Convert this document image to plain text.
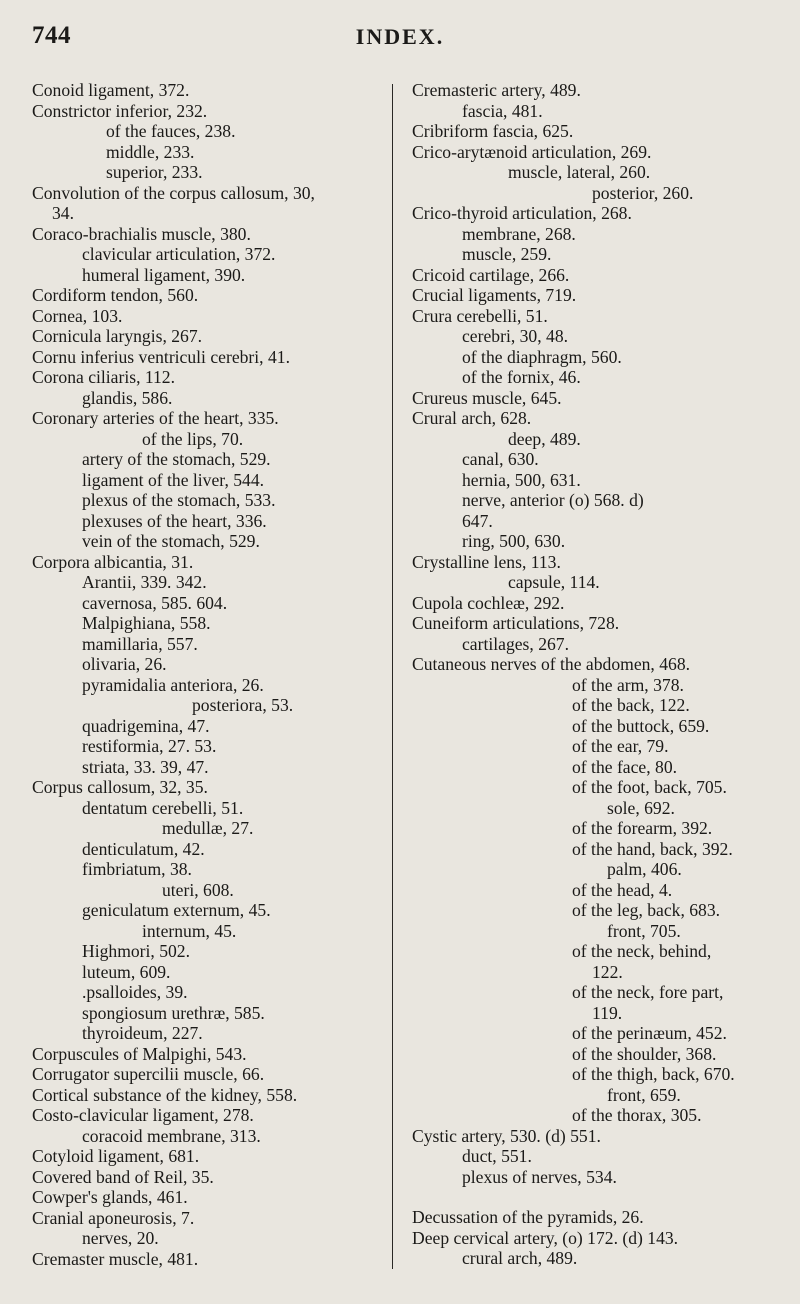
744	INDEX.
Conoid ligament, 372.
Constrictor inferior, 232.
of the fauces, 238.
middle, 233.
superior, 233.
Convolution of the corpus callosum, 30,
34.
Coraco-brachialis muscle, 380.
clavicular articulation, 372.
humeral ligament, 390.
Cordiform tendon, 560.
Cornea, 103.
Cornicula laryngis, 267.
Cornu inferius ventriculi cerebri, 41.
Corona ciliaris, 112.
glandis, 586.
Coronary arteries of the heart, 335.
of the lips, 70.
artery of the stomach, 529.
ligament of the liver, 544.
plexus of the stomach, 533.
plexuses of the heart, 336.
vein of the stomach, 529.
Corpora albicantia, 31.
Arantii, 339. 342.
cavernosa, 585. 604.
Malpighiana, 558.
mamillaria, 557.
olivaria, 26.
pyramidalia anteriora, 26.
posteriora, 53.
quadrigemina, 47.
restiformia, 27. 53.
striata, 33. 39, 47.
Corpus callosum, 32, 35.
dentatum cerebelli, 51.
medullæ, 27.
denticulatum, 42.
fimbriatum, 38.
uteri, 608.
geniculatum externum, 45.
internum, 45.
Highmori, 502.
luteum, 609.
.psalloides, 39.
spongiosum urethræ, 585.
thyroideum, 227.
Corpuscules of Malpighi, 543.
Corrugator supercilii muscle, 66.
Cortical substance of the kidney, 558.
Costo-clavicular ligament, 278.
coracoid membrane, 313.
Cotyloid ligament, 681.
Covered band of Reil, 35.
Cowper's glands, 461.
Cranial aponeurosis, 7.
nerves, 20.
Cremaster muscle, 481.
Cremasteric artery, 489.
fascia, 481.
Cribriform fascia, 625.
Crico-arytænoid articulation, 269.
muscle, lateral, 260.
posterior, 260.
Crico-thyroid articulation, 268.
membrane, 268.
muscle, 259.
Cricoid cartilage, 266.
Crucial ligaments, 719.
Crura cerebelli, 51.
cerebri, 30, 48.
of the diaphragm, 560.
of the fornix, 46.
Crureus muscle, 645.
Crural arch, 628.
deep, 489.
canal, 630.
hernia, 500, 631.
nerve, anterior (o) 568. d)
647.
ring, 500, 630.
Crystalline lens, 113.
capsule, 114.
Cupola cochleæ, 292.
Cuneiform articulations, 728.
cartilages, 267.
Cutaneous nerves of the abdomen, 468.
of the arm, 378.
of the back, 122.
of the buttock, 659.
of the ear, 79.
of the face, 80.
of the foot, back, 705.
sole, 692.
of the forearm, 392.
of the hand, back, 392.
palm, 406.
of the head, 4.
of the leg, back, 683.
front, 705.
of the neck, behind,
122.
of the neck, fore part,
119.
of the perinæum, 452.
of the shoulder, 368.
of the thigh, back, 670.
front, 659.
of the thorax, 305.
Cystic artery, 530. (d) 551.
duct, 551.
plexus of nerves, 534.
Decussation of the pyramids, 26.
Deep cervical artery, (o) 172. (d) 143.
crural arch, 489.
